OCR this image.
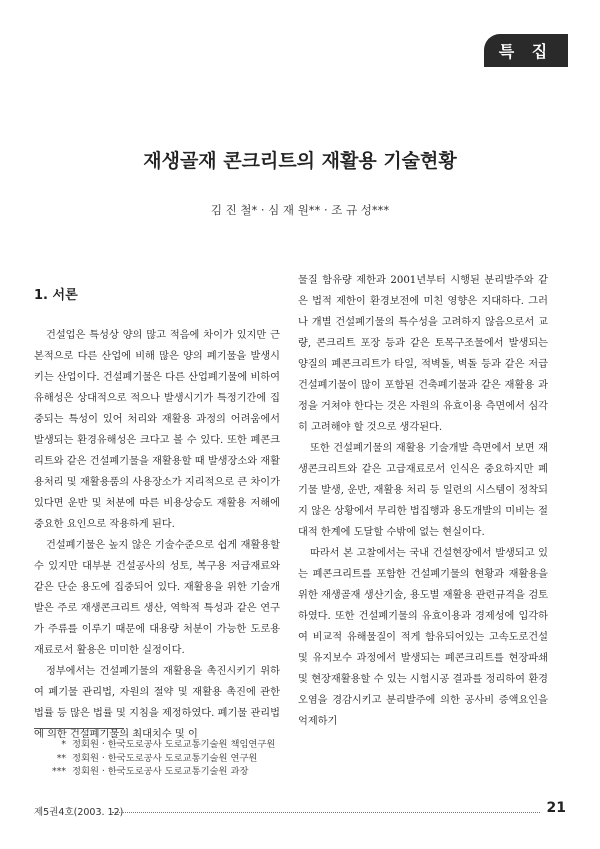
특 집
재생골재 콘크리트의 재활용 기술현황
김 진 철* · 심 재 원** · 조 규 성***
1. 서론

건설업은 특성상 양의 많고 적음에 차이가 있지만 근본적으로 다른 산업에 비해 많은 양의 폐기물을 발생시키는 산업이다. 건설폐기물은 다른 산업폐기물에 비하여 유해성은 상대적으로 적으나 발생시기가 특정기간에 집중되는 특성이 있어 처리와 재활용 과정의 어려움에서 발생되는 환경유해성은 크다고 볼 수 있다. 또한 폐콘크리트와 같은 건설폐기물을 재활용할 때 발생장소와 재활용처리 및 재활용품의 사용장소가 지리적으로 큰 차이가 있다면 운반 및 처분에 따른 비용상승도 재활용 저해에 중요한 요인으로 작용하게 된다.

건설폐기물은 높지 않은 기술수준으로 쉽게 재활용할 수 있지만 대부분 건설공사의 성토, 복구용 저급재료와 같은 단순 용도에 집중되어 있다. 재활용을 위한 기술개발은 주로 재생콘크리트 생산, 역학적 특성과 같은 연구가 주류를 이루기 때문에 대용량 처분이 가능한 도로용 재료로서 활용은 미미한 실정이다.

정부에서는 건설폐기물의 재활용을 촉진시키기 위하여 폐기물 관리법, 자원의 절약 및 재활용 촉진에 관한 법률 등 많은 법률 및 지침을 제정하였다. 폐기물 관리법에 의한 건설폐기물의 최대치수 및 이

물질 함유량 제한과 2001년부터 시행된 분리발주와 같은 법적 제한이 환경보전에 미친 영향은 지대하다. 그러나 개별 건설폐기물의 특수성을 고려하지 않음으로서 교량, 콘크리트 포장 등과 같은 토목구조물에서 발생되는 양질의 폐콘크리트가 타일, 적벽돌, 벽돌 등과 같은 저급 건설폐기물이 많이 포함된 건축폐기물과 같은 재활용 과정을 거쳐야 한다는 것은 자원의 유효이용 측면에서 심각히 고려해야 할 것으로 생각된다.

또한 건설폐기물의 재활용 기술개발 측면에서 보면 재생콘크리트와 같은 고급재료로서 인식은 중요하지만 폐기물 발생, 운반, 재활용 처리 등 일련의 시스템이 정착되지 않은 상황에서 무리한 법집행과 용도개발의 미비는 절대적 한계에 도달할 수밖에 없는 현실이다.

따라서 본 고찰에서는 국내 건설현장에서 발생되고 있는 폐콘크리트를 포함한 건설폐기물의 현황과 재활용을 위한 재생골재 생산기술, 용도별 재활용 관련규격을 검토하였다. 또한 건설폐기물의 유효이용과 경제성에 입각하여 비교적 유해물질이 적게 함유되어있는 고속도로건설 및 유지보수 과정에서 발생되는 폐콘크리트를 현장파쇄 및 현장재활용할 수 있는 시험시공 결과를 정리하여 환경오염을 경감시키고 분리발주에 의한 공사비 증액요인을 억제하기

* 정회원 · 한국도로공사 도로교통기술원 책임연구원
** 정회원 · 한국도로공사 도로교통기술원 연구원
*** 정회원 · 한국도로공사 도로교통기술원 과장
제5권4호(2003. 12)	21
